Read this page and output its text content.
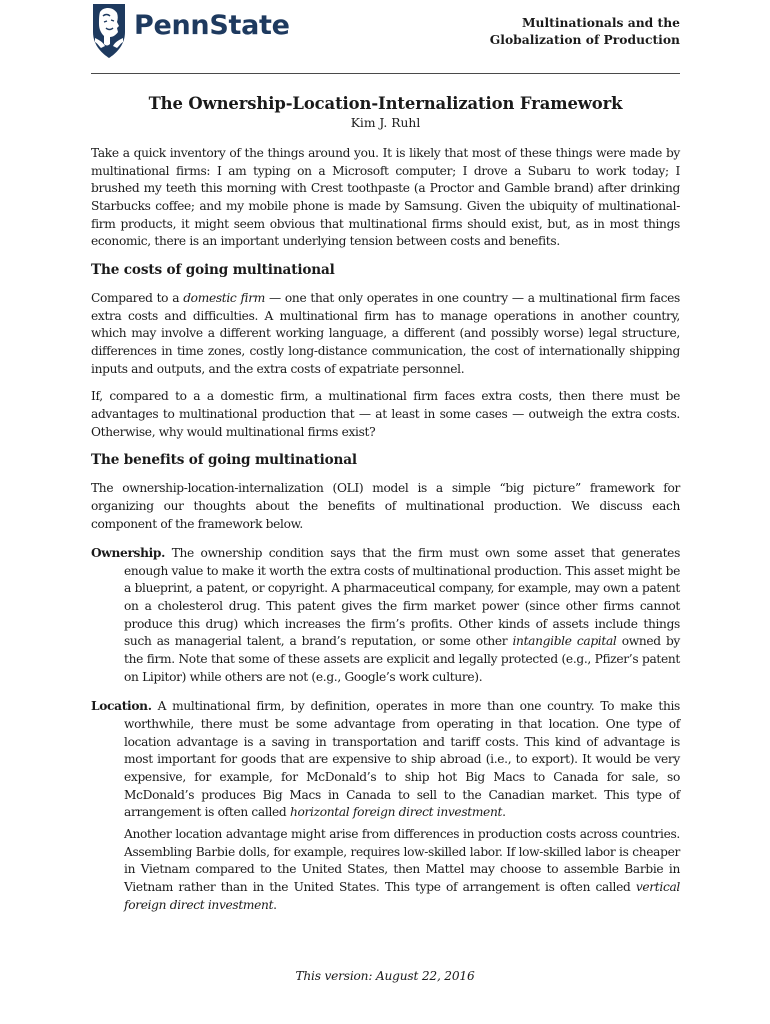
PennState	Multinationals and the
Globalization of Production
The Ownership-Location-Internalization Framework
Kim J. Ruhl

Take a quick inventory of the things around you. It is likely that most of these things were made by multinational firms: I am typing on a Microsoft computer; I drove a Subaru to work today; I brushed my teeth this morning with Crest toothpaste (a Proctor and Gamble brand) after drinking Starbucks coffee; and my mobile phone is made by Samsung. Given the ubiquity of multinational-firm products, it might seem obvious that multinational firms should exist, but, as in most things economic, there is an important underlying tension between costs and benefits.

The costs of going multinational

Compared to a domestic firm — one that only operates in one country — a multinational firm faces extra costs and difficulties. A multinational firm has to manage operations in another country, which may involve a different working language, a different (and possibly worse) legal structure, differences in time zones, costly long-distance communication, the cost of internationally shipping inputs and outputs, and the extra costs of expatriate personnel.

If, compared to a a domestic firm, a multinational firm faces extra costs, then there must be advantages to multinational production that — at least in some cases — outweigh the extra costs. Otherwise, why would multinational firms exist?

The benefits of going multinational

The ownership-location-internalization (OLI) model is a simple “big picture” framework for organizing our thoughts about the benefits of multinational production. We discuss each component of the framework below.

Ownership. The ownership condition says that the firm must own some asset that generates enough value to make it worth the extra costs of multinational production. This asset might be a blueprint, a patent, or copyright. A pharmaceutical company, for example, may own a patent on a cholesterol drug. This patent gives the firm market power (since other firms cannot produce this drug) which increases the firm’s profits. Other kinds of assets include things such as managerial talent, a brand’s reputation, or some other intangible capital owned by the firm. Note that some of these assets are explicit and legally protected (e.g., Pfizer’s patent on Lipitor) while others are not (e.g., Google’s work culture).

Location. A multinational firm, by definition, operates in more than one country. To make this worthwhile, there must be some advantage from operating in that location. One type of location advantage is a saving in transportation and tariff costs. This kind of advantage is most important for goods that are expensive to ship abroad (i.e., to export). It would be very expensive, for example, for McDonald’s to ship hot Big Macs to Canada for sale, so McDonald’s produces Big Macs in Canada to sell to the Canadian market. This type of arrangement is often called horizontal foreign direct investment.

Another location advantage might arise from differences in production costs across countries. Assembling Barbie dolls, for example, requires low-skilled labor. If low-skilled labor is cheaper in Vietnam compared to the United States, then Mattel may choose to assemble Barbie in Vietnam rather than in the United States. This type of arrangement is often called vertical foreign direct investment.

This version: August 22, 2016
